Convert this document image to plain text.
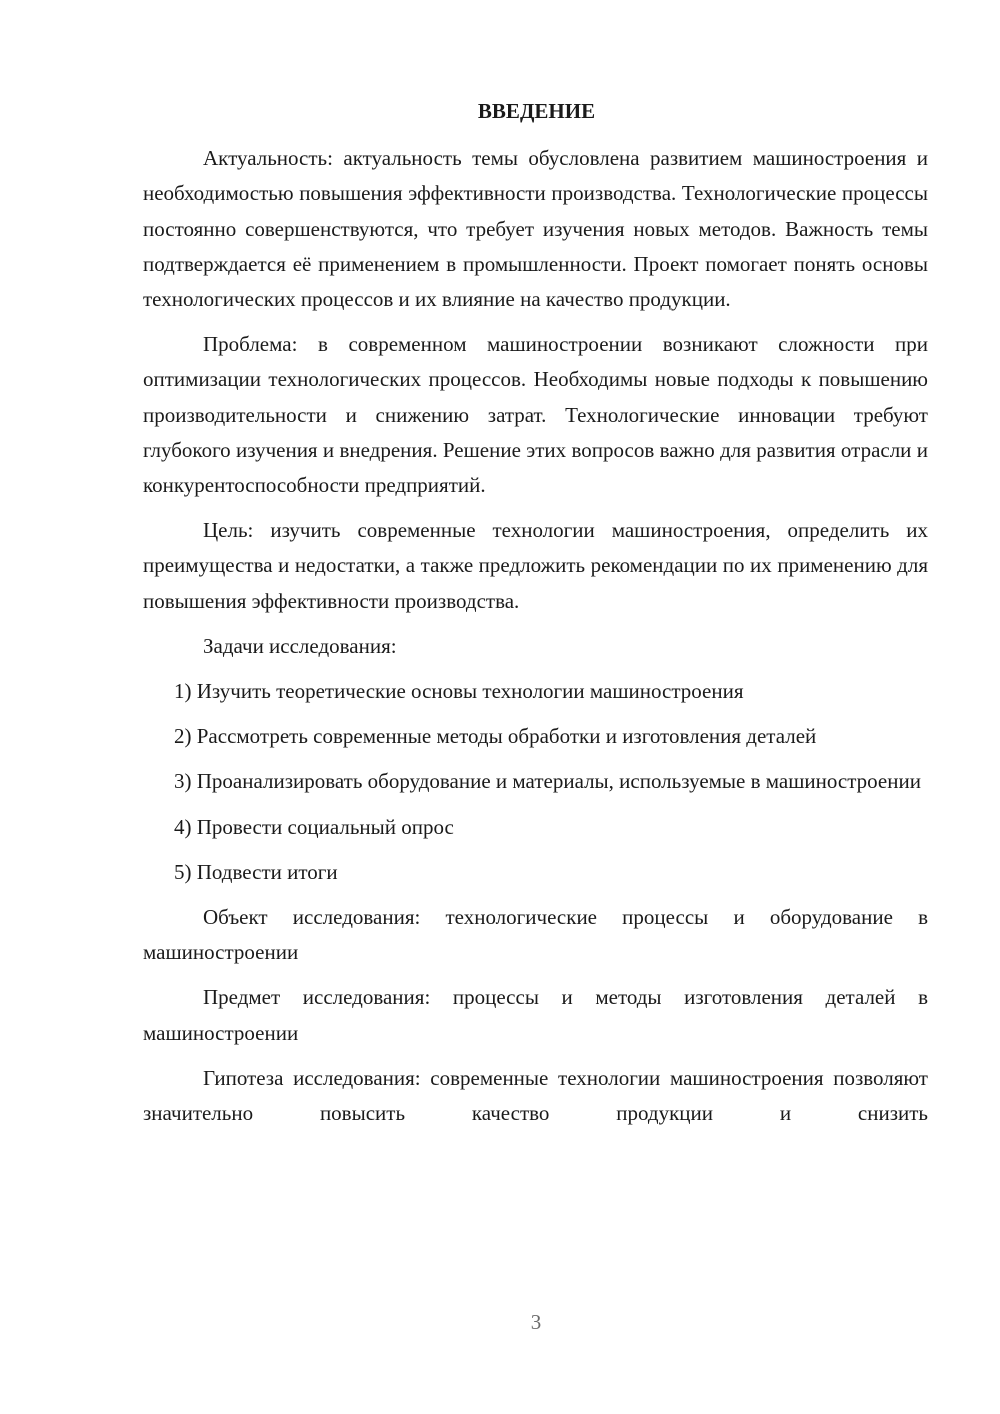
ВВЕДЕНИЕ

Актуальность: актуальность темы обусловлена развитием машиностроения и необходимостью повышения эффективности производства. Технологические процессы постоянно совершенствуются, что требует изучения новых методов. Важность темы подтверждается её применением в промышленности. Проект помогает понять основы технологических процессов и их влияние на качество продукции.

Проблема: в современном машиностроении возникают сложности при оптимизации технологических процессов. Необходимы новые подходы к повышению производительности и снижению затрат. Технологические инновации требуют глубокого изучения и внедрения. Решение этих вопросов важно для развития отрасли и конкурентоспособности предприятий.

Цель: изучить современные технологии машиностроения, определить их преимущества и недостатки, а также предложить рекомендации по их применению для повышения эффективности производства.

Задачи исследования:

1) Изучить теоретические основы технологии машиностроения

2) Рассмотреть современные методы обработки и изготовления деталей

3) Проанализировать оборудование и материалы, используемые в машиностроении

4) Провести социальный опрос

5) Подвести итоги

Объект исследования: технологические процессы и оборудование в машиностроении

Предмет исследования: процессы и методы изготовления деталей в машиностроении

Гипотеза исследования: современные технологии машиностроения позволяют значительно повысить качество продукции и снизить

3
